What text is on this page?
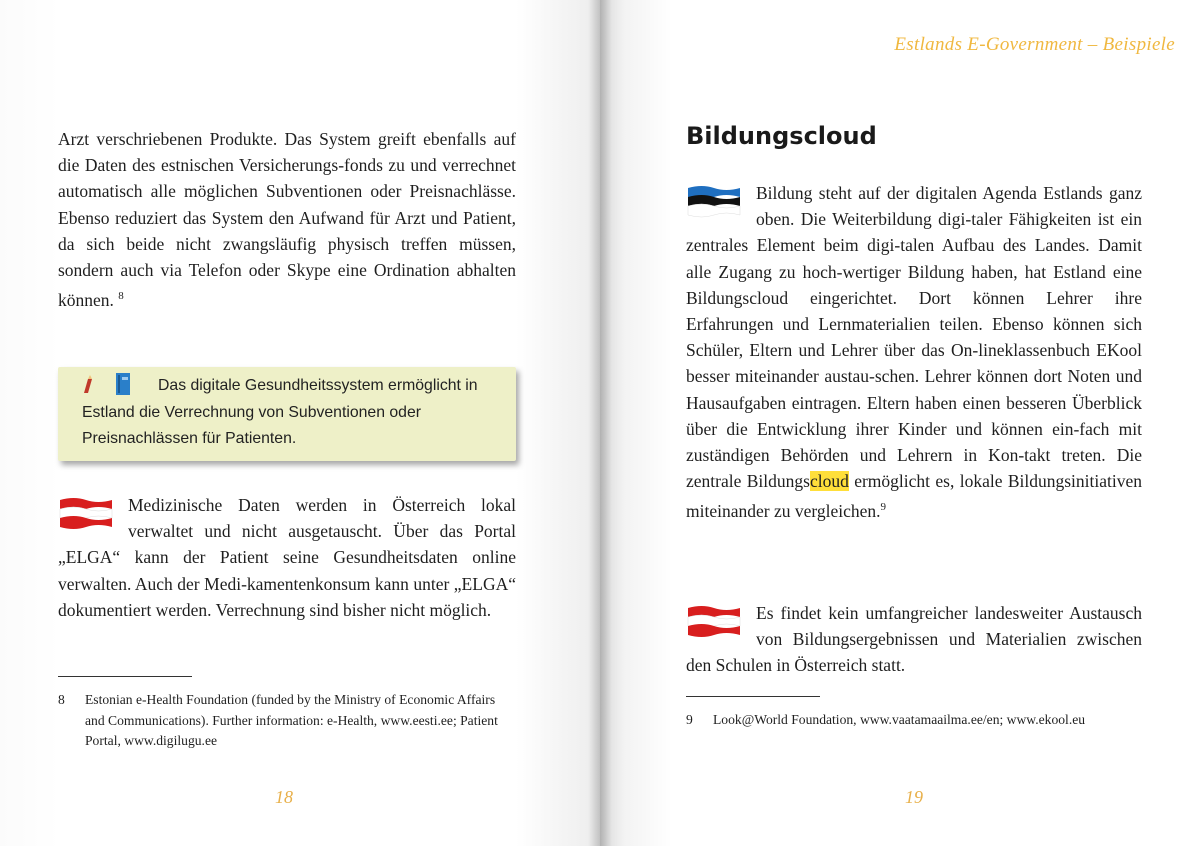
Arzt verschriebenen Produkte. Das System greift ebenfalls auf die Daten des estnischen Versicherungs-fonds zu und verrechnet automatisch alle möglichen Subventionen oder Preisnachlässe. Ebenso reduziert das System den Aufwand für Arzt und Patient, da sich beide nicht zwangsläufig physisch treffen müssen, sondern auch via Telefon oder Skype eine Ordination abhalten können. $^8$

Das digitale Gesundheitssystem ermöglicht in Estland die Verrechnung von Subventionen oder Preisnachlässen für Patienten.

Medizinische Daten werden in Österreich lokal verwaltet und nicht ausgetauscht. Über das Portal „ELGA“ kann der Patient seine Gesundheitsdaten online verwalten. Auch der Medi-kamentenkonsum kann unter „ELGA“ dokumentiert werden. Verrechnung sind bisher nicht möglich.

8 Estonian e-Health Foundation (funded by the Ministry of Economic Affairs and Communications). Further information: e-Health, www.eesti.ee; Patient Portal, www.digilugu.ee

18
Estlands E-Government – Beispiele
Bildungscloud
Bildung steht auf der digitalen Agenda Estlands ganz oben. Die Weiterbildung digi-taler Fähigkeiten ist ein zentrales Element beim digi-talen Aufbau des Landes. Damit alle Zugang zu hoch-wertiger Bildung haben, hat Estland eine Bildungscloud eingerichtet. Dort können Lehrer ihre Erfahrungen und Lernmaterialien teilen. Ebenso können sich Schüler, Eltern und Lehrer über das On-lineklassenbuch EKool besser miteinander austau-schen. Lehrer können dort Noten und Hausaufgaben eintragen. Eltern haben einen besseren Überblick über die Entwicklung ihrer Kinder und können ein-fach mit zuständigen Behörden und Lehrern in Kon-takt treten. Die zentrale Bildungscloud ermöglicht es, lokale Bildungsinitiativen miteinander zu vergleichen.$^9$
Es findet kein umfangreicher landesweiter Austausch von Bildungsergebnissen und Materialien zwischen den Schulen in Österreich statt.

9 Look@World Foundation, www.vaatamaailma.ee/en; www.ekool.eu

19
